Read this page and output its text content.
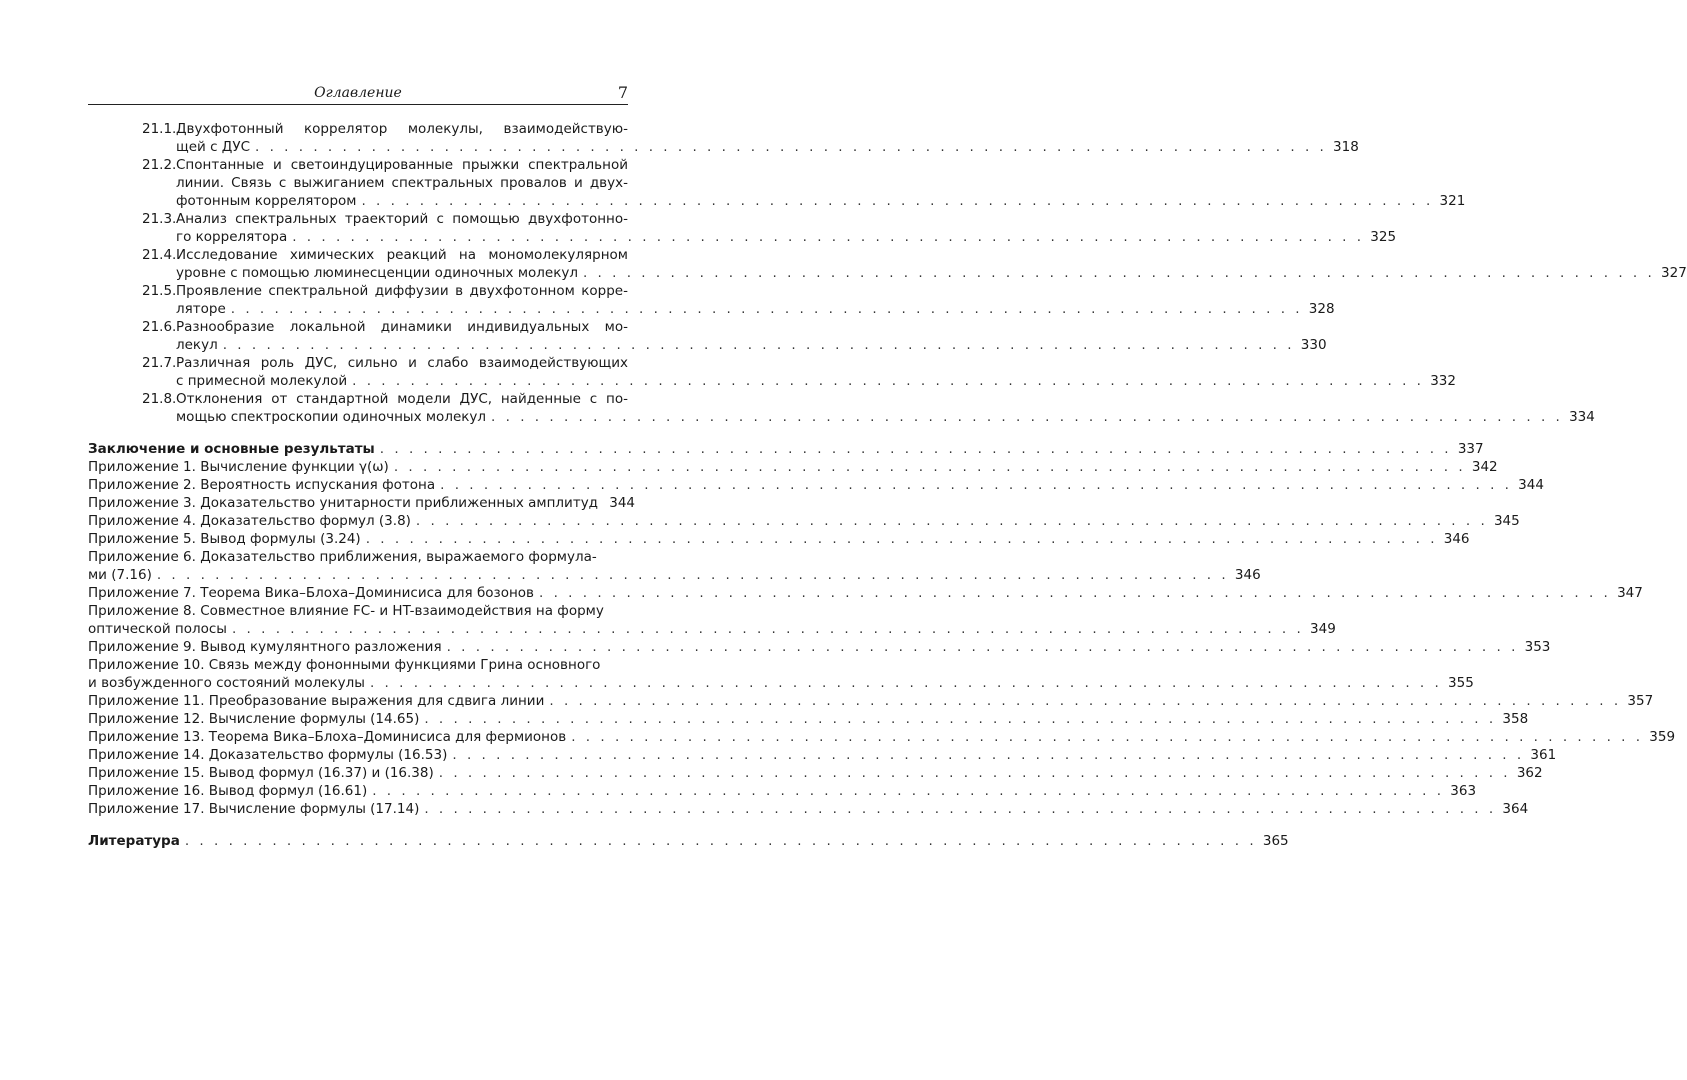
Оглавление	7
21.1. Двухфотонный коррелятор молекулы, взаимодействую-
щей с ДУС . . . . . . . . . . . . . . . . . . . . . . . . . . . . . . . . . . . . . . . . . . . . . . . . . . . . . . . . . . . . . . . . . . . . . . . . . . 318
21.2. Спонтанные и светоиндуцированные прыжки спектральной
линии. Связь с выжиганием спектральных провалов и двух-
фотонным коррелятором . . . . . . . . . . . . . . . . . . . . . . . . . . . . . . . . . . . . . . . . . . . . . . . . . . . . . . . . . . . . . . . . . . . . . . . . . . 321
21.3. Анализ спектральных траекторий с помощью двухфотонно-
го коррелятора . . . . . . . . . . . . . . . . . . . . . . . . . . . . . . . . . . . . . . . . . . . . . . . . . . . . . . . . . . . . . . . . . . . . . . . . . . 325
21.4. Исследование химических реакций на мономолекулярном
уровне с помощью люминесценции одиночных молекул . . . . . . . . . . . . . . . . . . . . . . . . . . . . . . . . . . . . . . . . . . . . . . . . . . . . . . . . . . . . . . . . . . . . . . . . . . 327
21.5. Проявление спектральной диффузии в двухфотонном корре-
ляторе . . . . . . . . . . . . . . . . . . . . . . . . . . . . . . . . . . . . . . . . . . . . . . . . . . . . . . . . . . . . . . . . . . . . . . . . . . 328
21.6. Разнообразие локальной динамики индивидуальных мо-
лекул . . . . . . . . . . . . . . . . . . . . . . . . . . . . . . . . . . . . . . . . . . . . . . . . . . . . . . . . . . . . . . . . . . . . . . . . . . 330
21.7. Различная роль ДУС, сильно и слабо взаимодействующих
с примесной молекулой . . . . . . . . . . . . . . . . . . . . . . . . . . . . . . . . . . . . . . . . . . . . . . . . . . . . . . . . . . . . . . . . . . . . . . . . . . 332
21.8. Отклонения от стандартной модели ДУС, найденные с по-
мощью спектроскопии одиночных молекул . . . . . . . . . . . . . . . . . . . . . . . . . . . . . . . . . . . . . . . . . . . . . . . . . . . . . . . . . . . . . . . . . . . . . . . . . . 334
Заключение и основные результаты . . . . . . . . . . . . . . . . . . . . . . . . . . . . . . . . . . . . . . . . . . . . . . . . . . . . . . . . . . . . . . . . . . . . . . . . . . 337
Приложение 1. Вычисление функции γ(ω) . . . . . . . . . . . . . . . . . . . . . . . . . . . . . . . . . . . . . . . . . . . . . . . . . . . . . . . . . . . . . . . . . . . . . . . . . . 342
Приложение 2. Вероятность испускания фотона . . . . . . . . . . . . . . . . . . . . . . . . . . . . . . . . . . . . . . . . . . . . . . . . . . . . . . . . . . . . . . . . . . . . . . . . . . 344
Приложение 3. Доказательство унитарности приближенных амплитуд 344
Приложение 4. Доказательство формул (3.8) . . . . . . . . . . . . . . . . . . . . . . . . . . . . . . . . . . . . . . . . . . . . . . . . . . . . . . . . . . . . . . . . . . . . . . . . . . 345
Приложение 5. Вывод формулы (3.24) . . . . . . . . . . . . . . . . . . . . . . . . . . . . . . . . . . . . . . . . . . . . . . . . . . . . . . . . . . . . . . . . . . . . . . . . . . 346
Приложение 6. Доказательство приближения, выражаемого формула-
ми (7.16) . . . . . . . . . . . . . . . . . . . . . . . . . . . . . . . . . . . . . . . . . . . . . . . . . . . . . . . . . . . . . . . . . . . . . . . . . . 346
Приложение 7. Теорема Вика–Блоха–Доминисиса для бозонов . . . . . . . . . . . . . . . . . . . . . . . . . . . . . . . . . . . . . . . . . . . . . . . . . . . . . . . . . . . . . . . . . . . . . . . . . . 347
Приложение 8. Совместное влияние FC- и HT-взаимодействия на форму
оптической полосы . . . . . . . . . . . . . . . . . . . . . . . . . . . . . . . . . . . . . . . . . . . . . . . . . . . . . . . . . . . . . . . . . . . . . . . . . . 349
Приложение 9. Вывод кумулянтного разложения . . . . . . . . . . . . . . . . . . . . . . . . . . . . . . . . . . . . . . . . . . . . . . . . . . . . . . . . . . . . . . . . . . . . . . . . . . 353
Приложение 10. Связь между фононными функциями Грина основного
и возбужденного состояний молекулы . . . . . . . . . . . . . . . . . . . . . . . . . . . . . . . . . . . . . . . . . . . . . . . . . . . . . . . . . . . . . . . . . . . . . . . . . . 355
Приложение 11. Преобразование выражения для сдвига линии . . . . . . . . . . . . . . . . . . . . . . . . . . . . . . . . . . . . . . . . . . . . . . . . . . . . . . . . . . . . . . . . . . . . . . . . . . 357
Приложение 12. Вычисление формулы (14.65) . . . . . . . . . . . . . . . . . . . . . . . . . . . . . . . . . . . . . . . . . . . . . . . . . . . . . . . . . . . . . . . . . . . . . . . . . . 358
Приложение 13. Теорема Вика–Блоха–Доминисиса для фермионов . . . . . . . . . . . . . . . . . . . . . . . . . . . . . . . . . . . . . . . . . . . . . . . . . . . . . . . . . . . . . . . . . . . . . . . . . . 359
Приложение 14. Доказательство формулы (16.53) . . . . . . . . . . . . . . . . . . . . . . . . . . . . . . . . . . . . . . . . . . . . . . . . . . . . . . . . . . . . . . . . . . . . . . . . . . 361
Приложение 15. Вывод формул (16.37) и (16.38) . . . . . . . . . . . . . . . . . . . . . . . . . . . . . . . . . . . . . . . . . . . . . . . . . . . . . . . . . . . . . . . . . . . . . . . . . . 362
Приложение 16. Вывод формул (16.61) . . . . . . . . . . . . . . . . . . . . . . . . . . . . . . . . . . . . . . . . . . . . . . . . . . . . . . . . . . . . . . . . . . . . . . . . . . 363
Приложение 17. Вычисление формулы (17.14) . . . . . . . . . . . . . . . . . . . . . . . . . . . . . . . . . . . . . . . . . . . . . . . . . . . . . . . . . . . . . . . . . . . . . . . . . . 364
Литература . . . . . . . . . . . . . . . . . . . . . . . . . . . . . . . . . . . . . . . . . . . . . . . . . . . . . . . . . . . . . . . . . . . . . . . . . . 365
